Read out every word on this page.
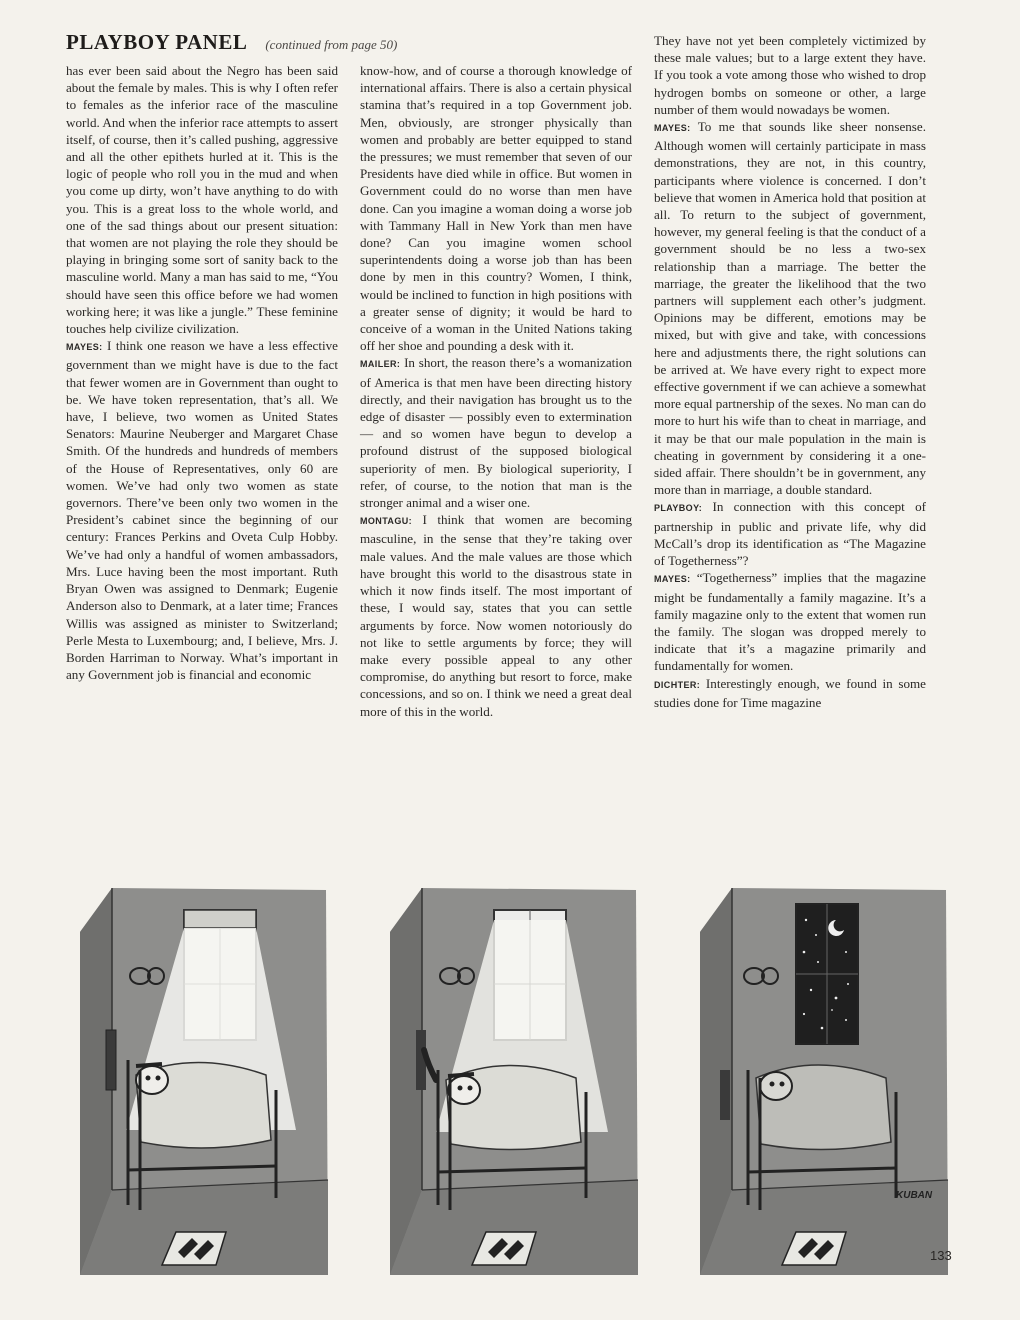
PLAYBOY PANEL (continued from page 50)

has ever been said about the Negro has been said about the female by males. This is why I often refer to females as the inferior race of the masculine world. And when the inferior race attempts to assert itself, of course, then it’s called pushing, aggressive and all the other epithets hurled at it. This is the logic of people who roll you in the mud and when you come up dirty, won’t have anything to do with you. This is a great loss to the whole world, and one of the sad things about our present situation: that women are not playing the role they should be playing in bringing some sort of sanity back to the masculine world. Many a man has said to me, “You should have seen this office before we had women working here; it was like a jungle.” These feminine touches help civilize civilization.

MAYES: I think one reason we have a less effective government than we might have is due to the fact that fewer women are in Government than ought to be. We have token representation, that’s all. We have, I believe, two women as United States Senators: Maurine Neuberger and Margaret Chase Smith. Of the hundreds and hundreds of members of the House of Representatives, only 60 are women. We’ve had only two women as state governors. There’ve been only two women in the President’s cabinet since the beginning of our century: Frances Perkins and Oveta Culp Hobby. We’ve had only a handful of women ambassadors, Mrs. Luce having been the most important. Ruth Bryan Owen was assigned to Denmark; Eugenie Anderson also to Denmark, at a later time; Frances Willis was assigned as minister to Switzerland; Perle Mesta to Luxembourg; and, I believe, Mrs. J. Borden Harriman to Norway. What’s important in any Government job is financial and economic

know-how, and of course a thorough knowledge of international affairs. There is also a certain physical stamina that’s required in a top Government job. Men, obviously, are stronger physically than women and probably are better equipped to stand the pressures; we must remember that seven of our Presidents have died while in office. But women in Government could do no worse than men have done. Can you imagine a woman doing a worse job with Tammany Hall in New York than men have done? Can you imagine women school superintendents doing a worse job than has been done by men in this country? Women, I think, would be inclined to function in high positions with a greater sense of dignity; it would be hard to conceive of a woman in the United Nations taking off her shoe and pounding a desk with it.

MAILER: In short, the reason there’s a womanization of America is that men have been directing history directly, and their navigation has brought us to the edge of disaster — possibly even to extermination — and so women have begun to develop a profound distrust of the supposed biological superiority of men. By biological superiority, I refer, of course, to the notion that man is the stronger animal and a wiser one.

MONTAGU: I think that women are becoming masculine, in the sense that they’re taking over male values. And the male values are those which have brought this world to the disastrous state in which it now finds itself. The most important of these, I would say, states that you can settle arguments by force. Now women notoriously do not like to settle arguments by force; they will make every possible appeal to any other compromise, do anything but resort to force, make concessions, and so on. I think we need a great deal more of this in the world.

They have not yet been completely victimized by these male values; but to a large extent they have. If you took a vote among those who wished to drop hydrogen bombs on someone or other, a large number of them would nowadays be women.

MAYES: To me that sounds like sheer nonsense. Although women will certainly participate in mass demonstrations, they are not, in this country, participants where violence is concerned. I don’t believe that women in America hold that position at all. To return to the subject of government, however, my general feeling is that the conduct of a government should be no less a two-sex relationship than a marriage. The better the marriage, the greater the likelihood that the two partners will supplement each other’s judgment. Opinions may be different, emotions may be mixed, but with give and take, with concessions here and adjustments there, the right solutions can be arrived at. We have every right to expect more effective government if we can achieve a somewhat more equal partnership of the sexes. No man can do more to hurt his wife than to cheat in marriage, and it may be that our male population in the main is cheating in government by considering it a one-sided affair. There shouldn’t be in government, any more than in marriage, a double standard.

PLAYBOY: In connection with this concept of partnership in public and private life, why did McCall’s drop its identification as “The Magazine of Togetherness”?

MAYES: “Togetherness” implies that the magazine might be fundamentally a family magazine. It’s a family magazine only to the extent that women run the family. The slogan was dropped merely to indicate that it’s a magazine primarily and fundamentally for women.

DICHTER: Interestingly enough, we found in some studies done for Time magazine

KUBAN
133
